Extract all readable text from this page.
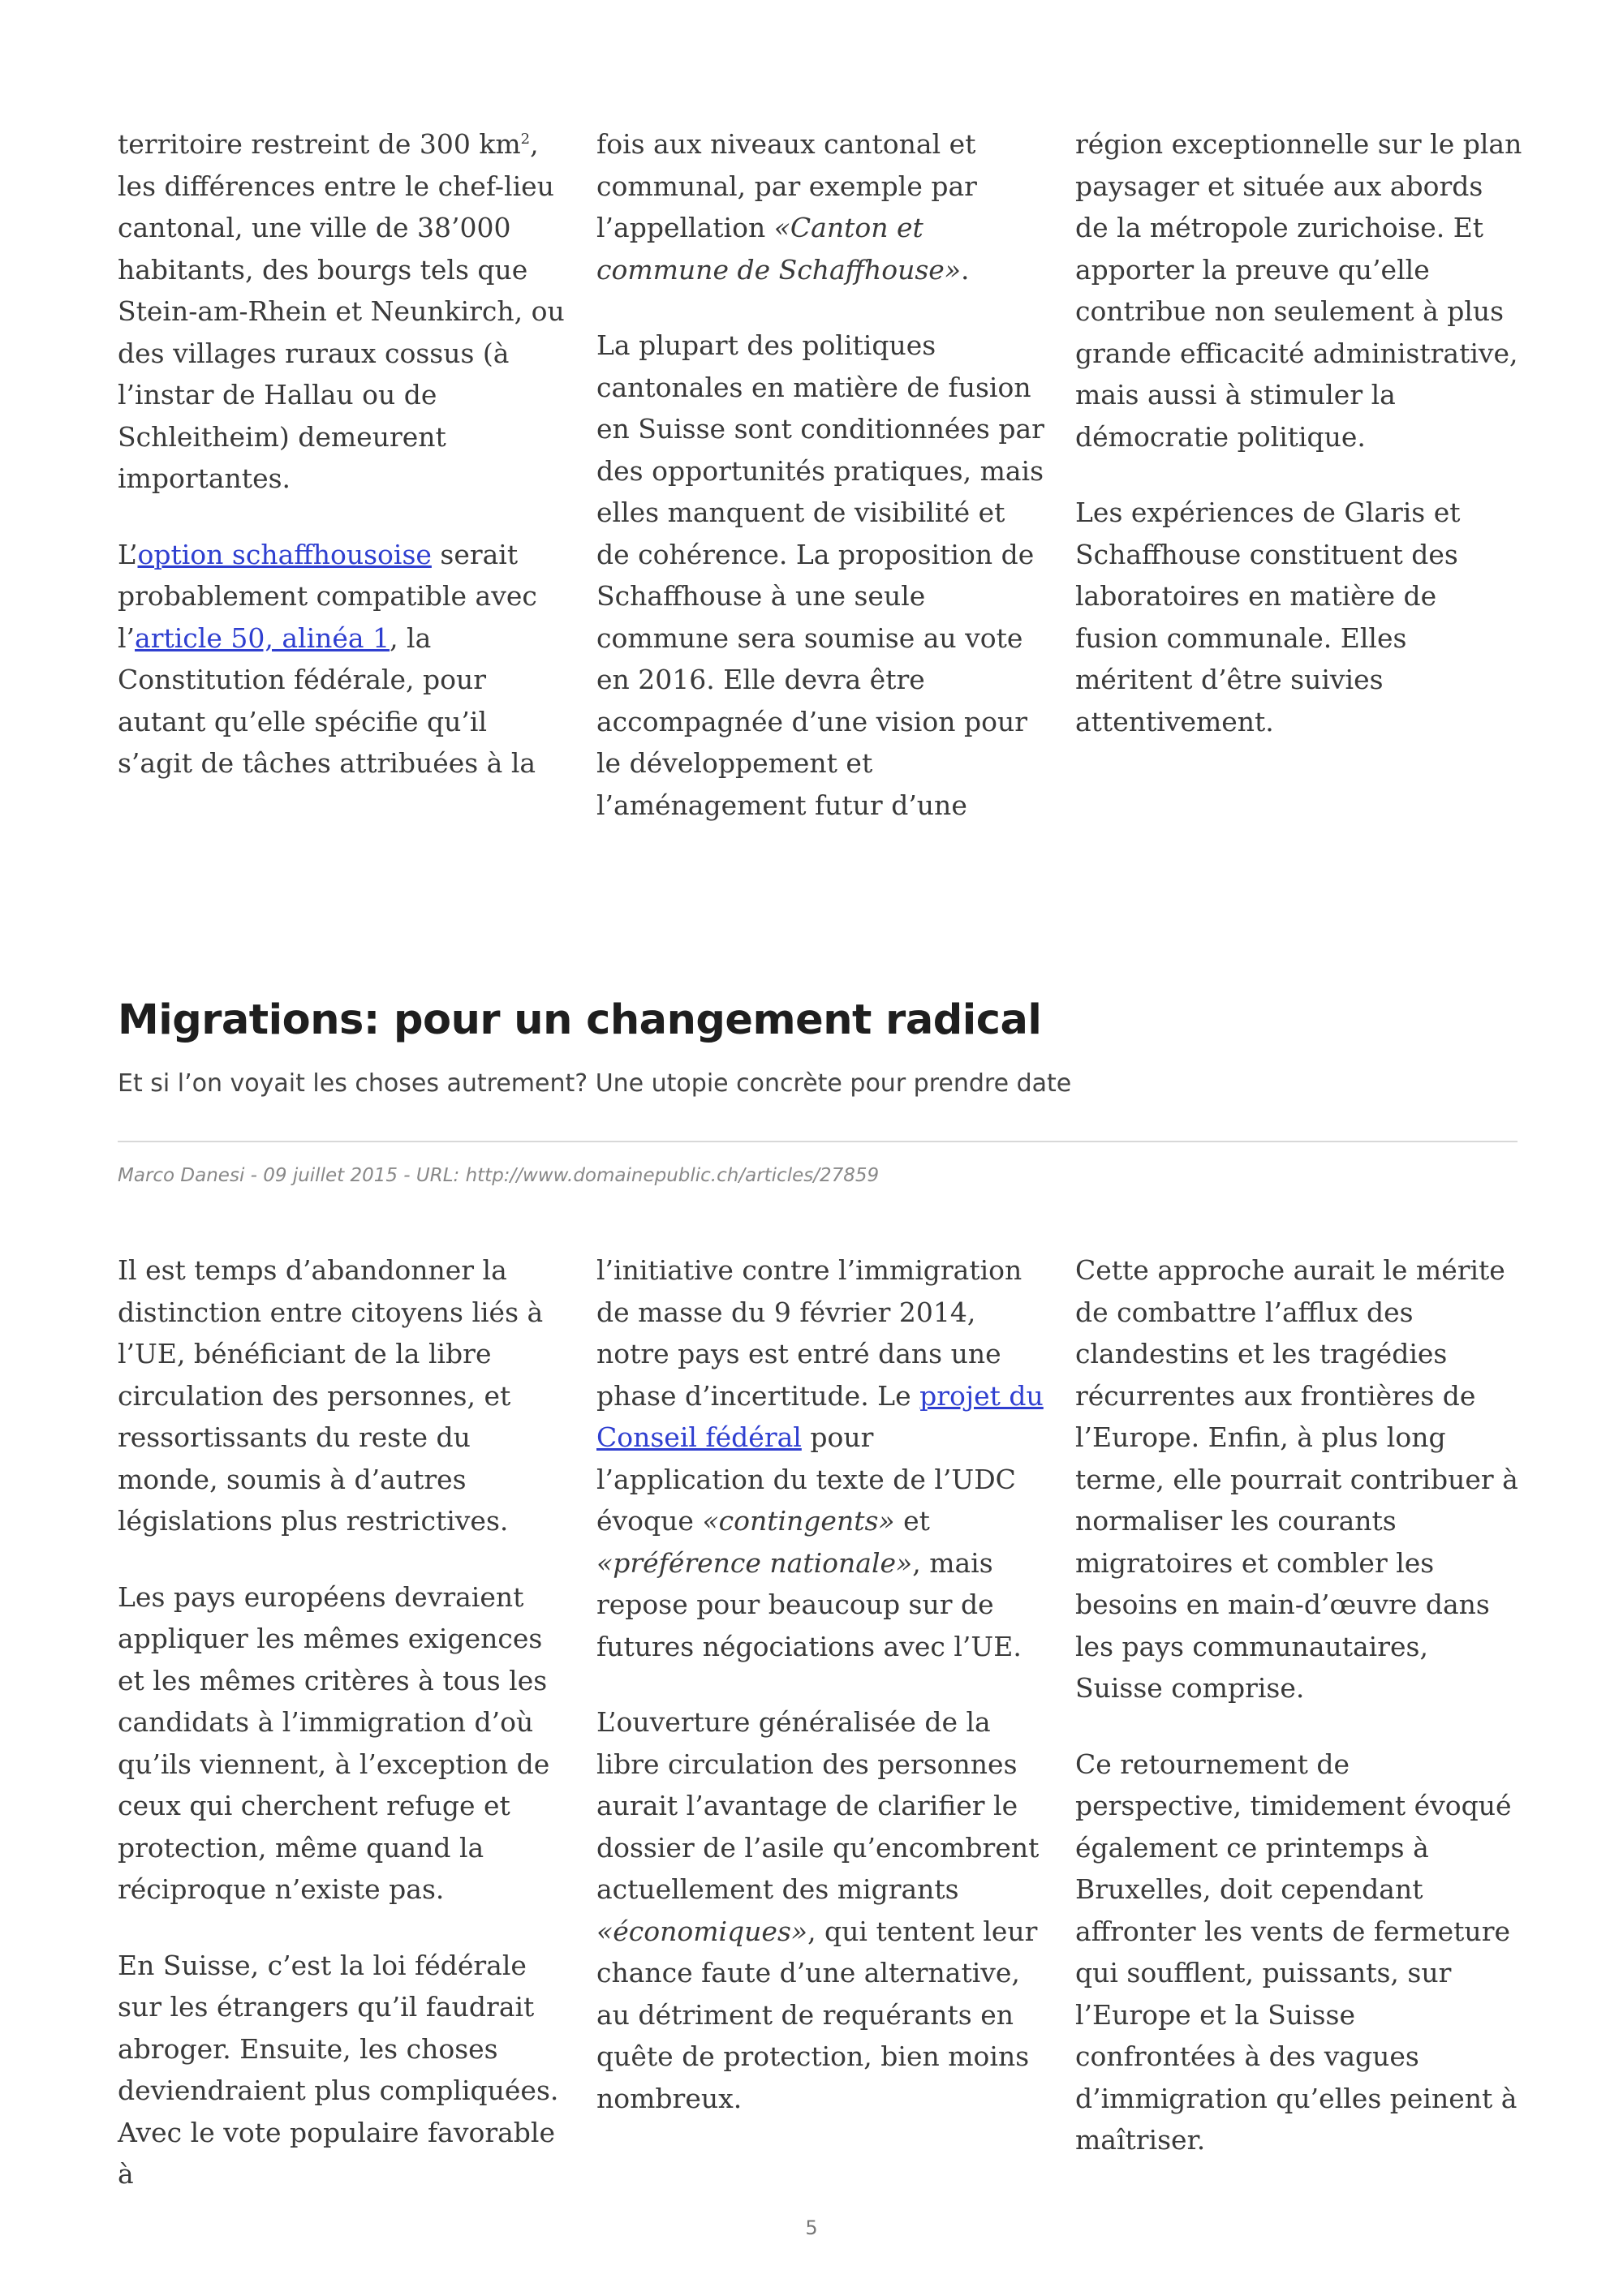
territoire restreint de 300 $km^2$, les différences entre le chef-lieu cantonal, une ville de 38’000 habitants, des bourgs tels que Stein-am-Rhein et Neunkirch, ou des villages ruraux cossus (à l’instar de Hallau ou de Schleitheim) demeurent importantes.

L’option schaffhousoise serait probablement compatible avec l’article 50, alinéa 1, la Constitution fédérale, pour autant qu’elle spécifie qu’il s’agit de tâches attribuées à la

fois aux niveaux cantonal et communal, par exemple par l’appellation «Canton et commune de Schaffhouse».

La plupart des politiques cantonales en matière de fusion en Suisse sont conditionnées par des opportunités pratiques, mais elles manquent de visibilité et de cohérence. La proposition de Schaffhouse à une seule commune sera soumise au vote en 2016. Elle devra être accompagnée d’une vision pour le développement et l’aménagement futur d’une

région exceptionnelle sur le plan paysager et située aux abords de la métropole zurichoise. Et apporter la preuve qu’elle contribue non seulement à plus grande efficacité administrative, mais aussi à stimuler la démocratie politique.

Les expériences de Glaris et Schaffhouse constituent des laboratoires en matière de fusion communale. Elles méritent d’être suivies attentivement.

Migrations: pour un changement radical
Et si l’on voyait les choses autrement? Une utopie concrète pour prendre date
Marco Danesi - 09 juillet 2015 - URL: http://www.domainepublic.ch/articles/27859

Il est temps d’abandonner la distinction entre citoyens liés à l’UE, bénéficiant de la libre circulation des personnes, et ressortissants du reste du monde, soumis à d’autres législations plus restrictives.

Les pays européens devraient appliquer les mêmes exigences et les mêmes critères à tous les candidats à l’immigration d’où qu’ils viennent, à l’exception de ceux qui cherchent refuge et protection, même quand la réciproque n’existe pas.

En Suisse, c’est la loi fédérale sur les étrangers qu’il faudrait abroger. Ensuite, les choses deviendraient plus compliquées. Avec le vote populaire favorable à

l’initiative contre l’immigration de masse du 9 février 2014, notre pays est entré dans une phase d’incertitude. Le projet du Conseil fédéral pour l’application du texte de l’UDC évoque «contingents» et «préférence nationale», mais repose pour beaucoup sur de futures négociations avec l’UE.

L’ouverture généralisée de la libre circulation des personnes aurait l’avantage de clarifier le dossier de l’asile qu’encombrent actuellement des migrants «économiques», qui tentent leur chance faute d’une alternative, au détriment de requérants en quête de protection, bien moins nombreux.

Cette approche aurait le mérite de combattre l’afflux des clandestins et les tragédies récurrentes aux frontières de l’Europe. Enfin, à plus long terme, elle pourrait contribuer à normaliser les courants migratoires et combler les besoins en main-d’œuvre dans les pays communautaires, Suisse comprise.

Ce retournement de perspective, timidement évoqué également ce printemps à Bruxelles, doit cependant affronter les vents de fermeture qui soufflent, puissants, sur l’Europe et la Suisse confrontées à des vagues d’immigration qu’elles peinent à maîtriser.

5
